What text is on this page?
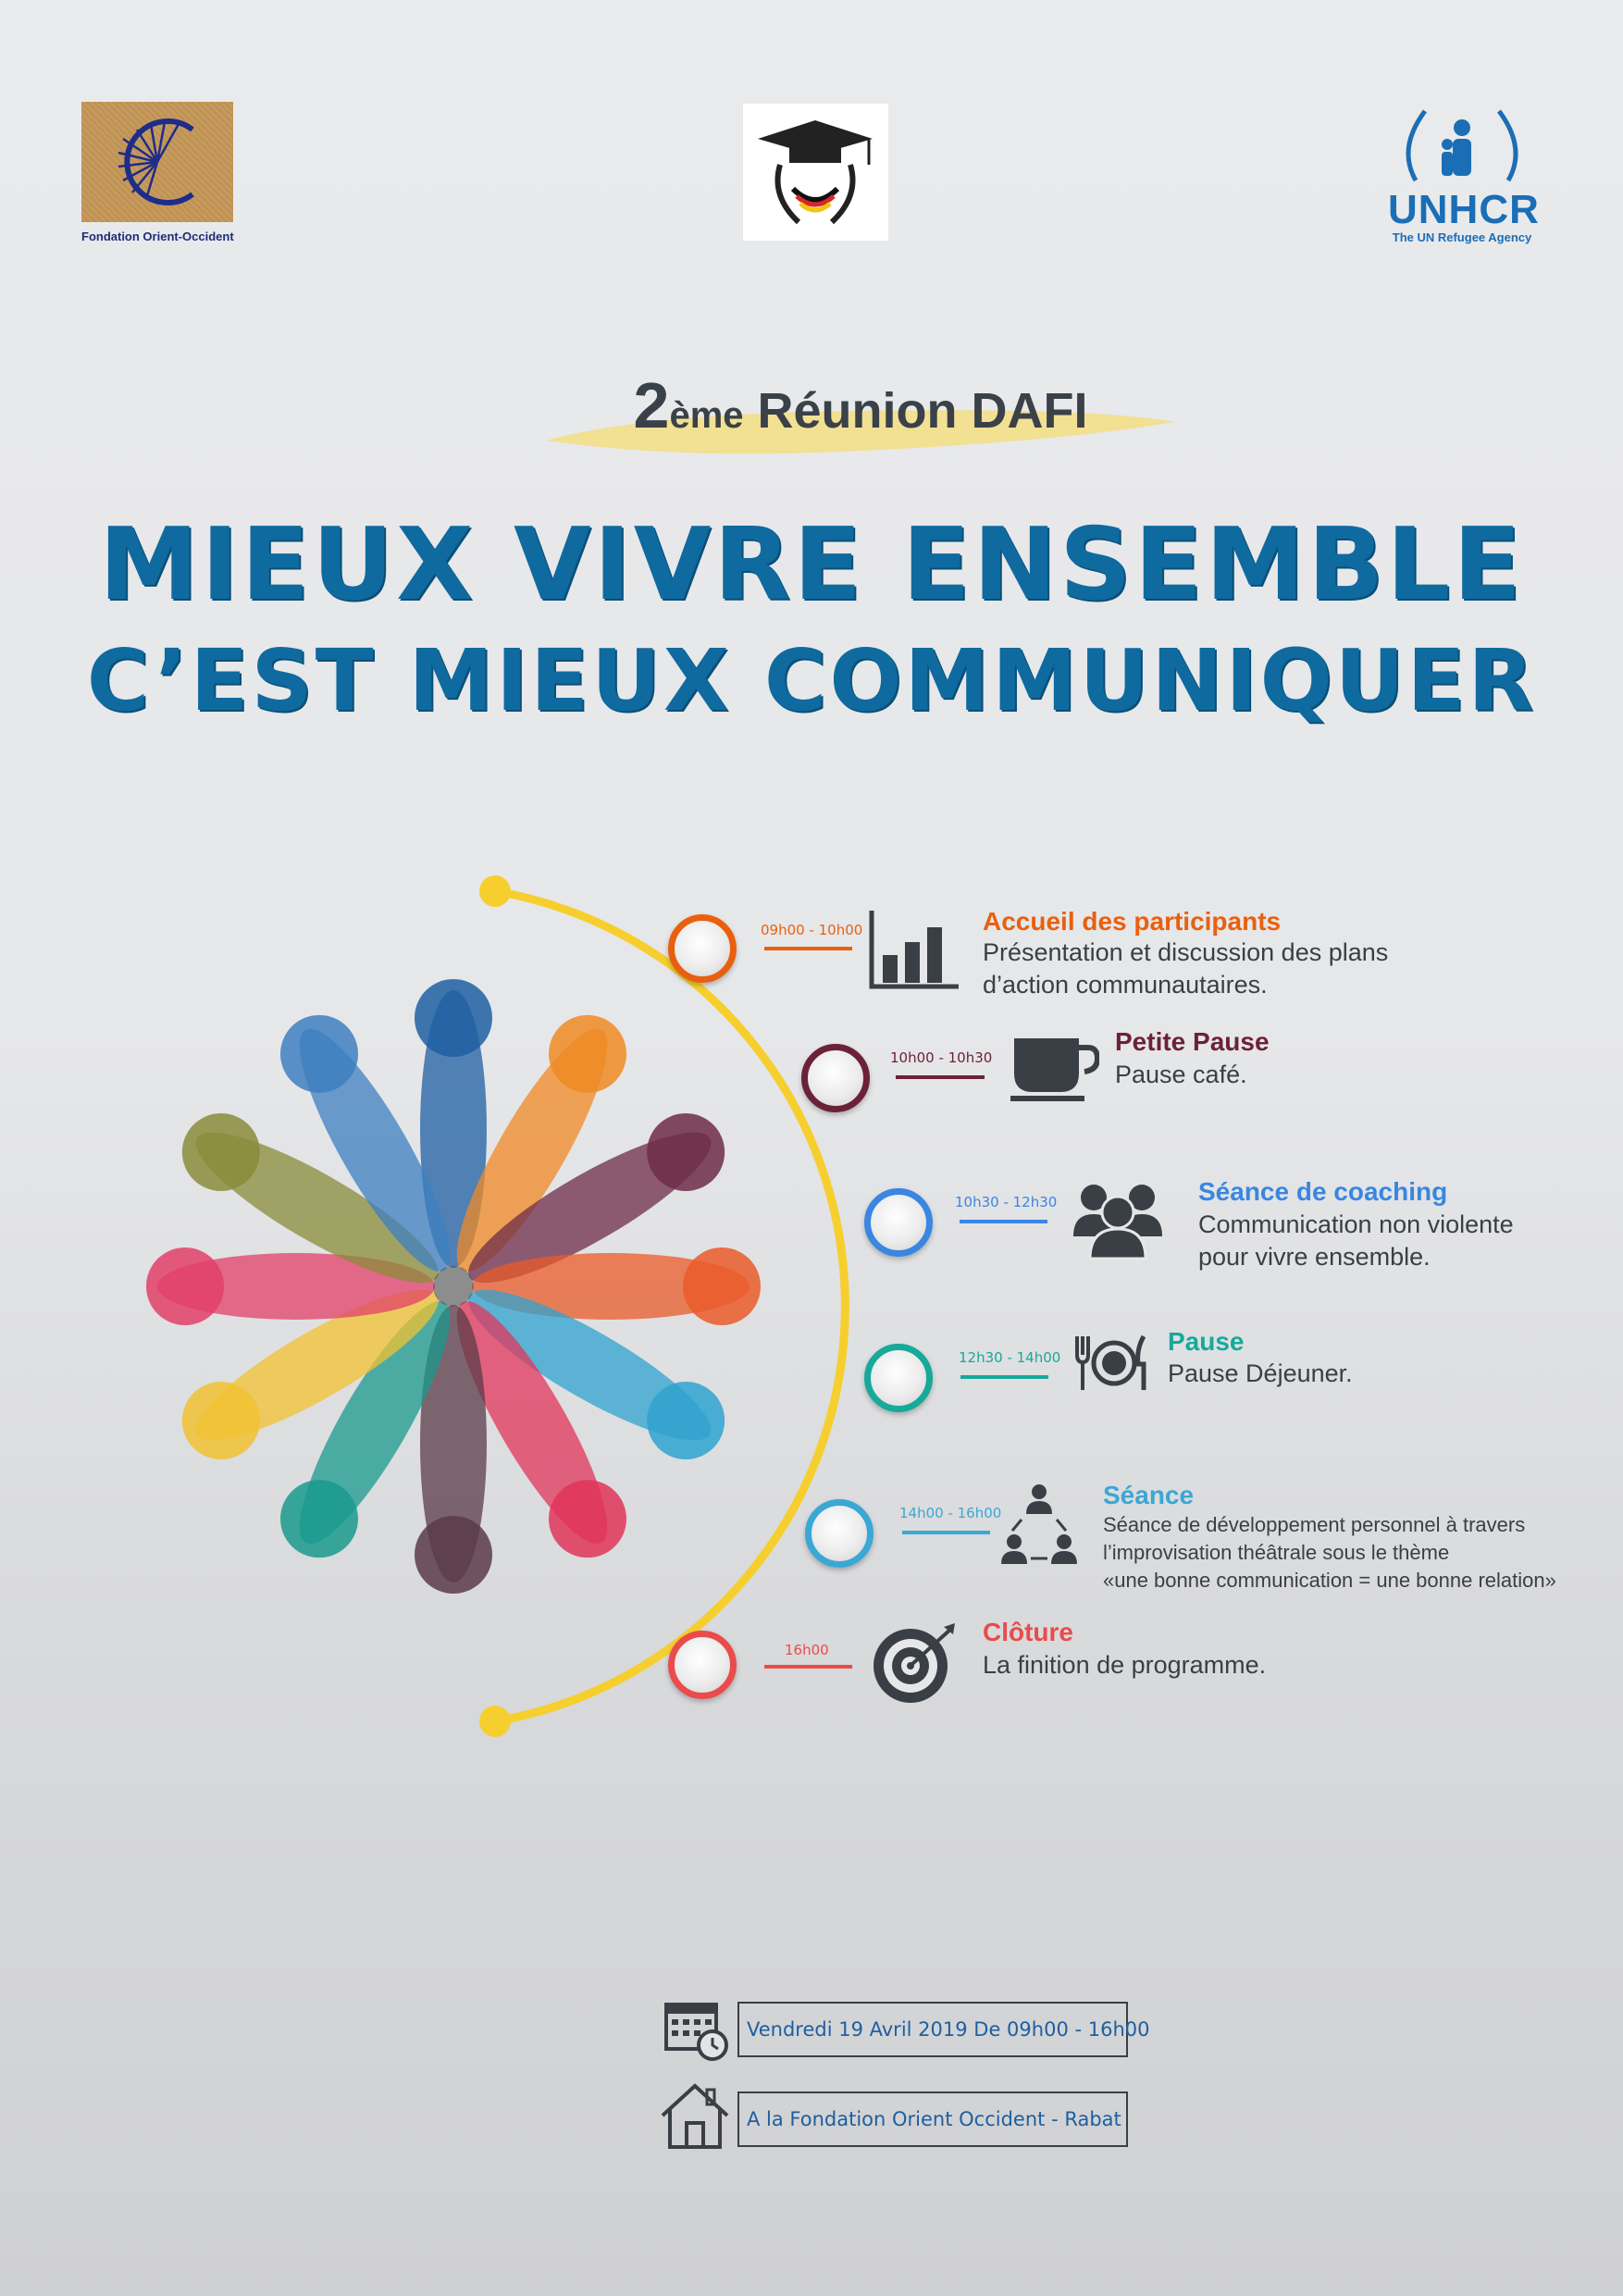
Fondation Orient-Occident
UNHCR
The UN Refugee Agency
2ème Réunion DAFI
MIEUX VIVRE ENSEMBLE
C’EST MIEUX COMMUNIQUER
09h00 - 10h00	Accueil des participants
Présentation et discussion des plans
d’action communautaires.
10h00 - 10h30
Petite Pause
Pause café.
10h30 - 12h30	Séance de coaching
Communication non violente
pour vivre ensemble.
12h30 - 14h00
Pause
Pause Déjeuner.
14h00 - 16h00
Séance
Séance de développement personnel à travers
l’improvisation théâtrale sous le thème
«une bonne communication = une bonne relation»
16h00
Clôture
La finition de programme.
Vendredi 19 Avril 2019 De 09h00 - 16h00
A la Fondation Orient Occident - Rabat
